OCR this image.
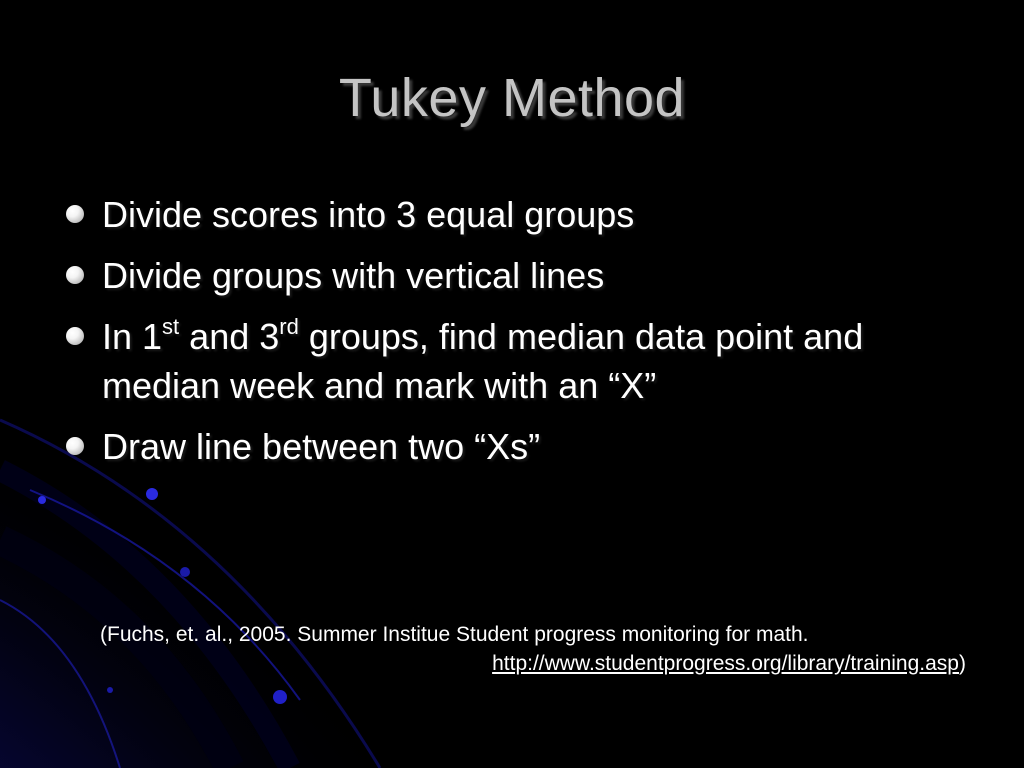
Tukey Method
Divide scores into 3 equal groups
Divide groups with vertical lines
In 1st and 3rd groups, find median data point and median week and mark with an “X”
Draw line between two “Xs”
(Fuchs, et. al., 2005. Summer Institue Student progress monitoring for math.
http://www.studentprogress.org/library/training.asp)
